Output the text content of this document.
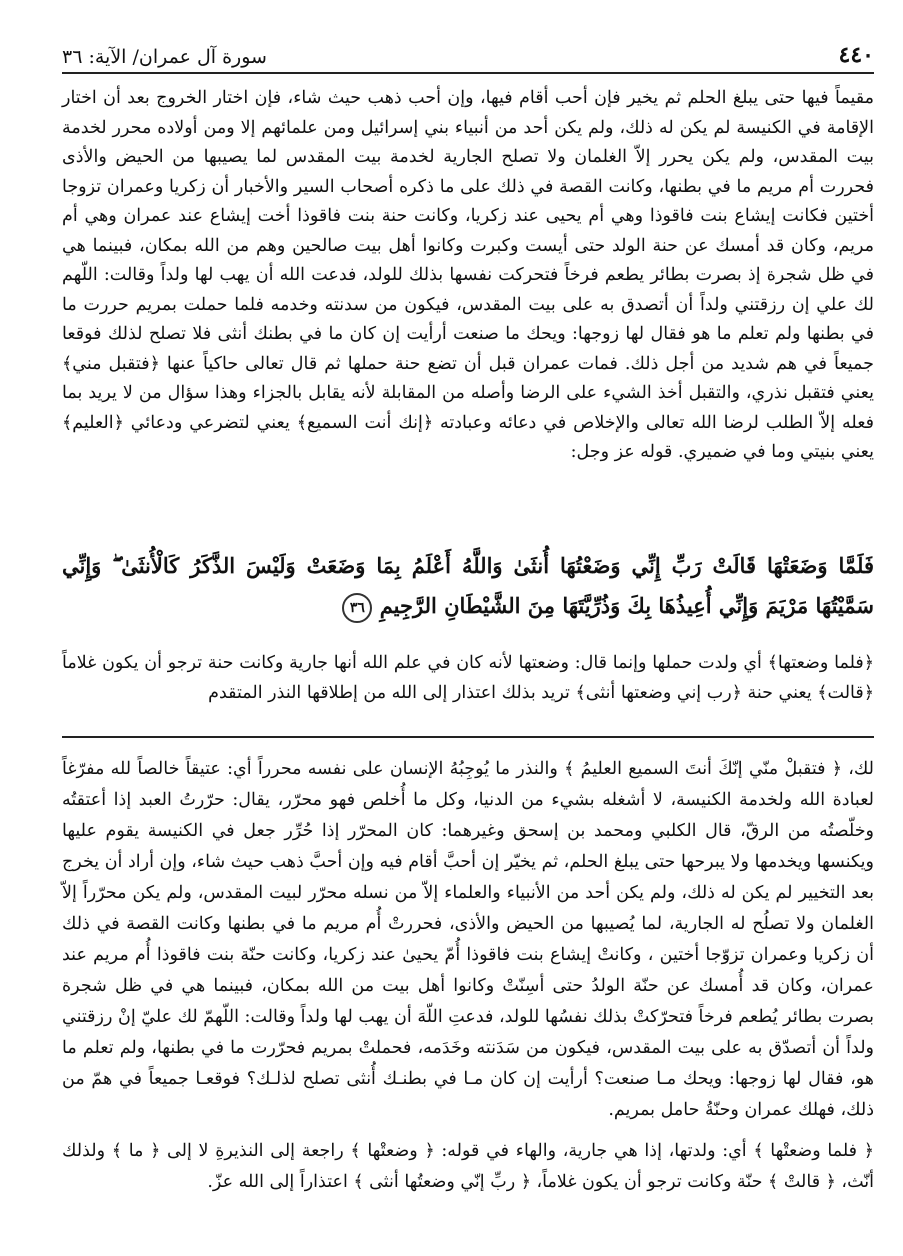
٤٤٠
سورة آل عمران/ الآية: ٣٦

مقيماً فيها حتى يبلغ الحلم ثم يخير فإن أحب أقام فيها، وإن أحب ذهب حيث شاء، فإن اختار الخروج بعد أن اختار الإقامة في الكنيسة لم يكن له ذلك، ولم يكن أحد من أنبياء بني إسرائيل ومن علمائهم إلا ومن أولاده محرر لخدمة بيت المقدس، ولم يكن يحرر إلاّ الغلمان ولا تصلح الجارية لخدمة بيت المقدس لما يصيبها من الحيض والأذى فحررت أم مريم ما في بطنها، وكانت القصة في ذلك على ما ذكره أصحاب السير والأخبار أن زكريا وعمران تزوجا أختين فكانت إيشاع بنت فاقوذا وهي أم يحيى عند زكريا، وكانت حنة بنت فاقوذا أخت إيشاع عند عمران وهي أم مريم، وكان قد أمسك عن حنة الولد حتى أيست وكبرت وكانوا أهل بيت صالحين وهم من الله بمكان، فبينما هي في ظل شجرة إذ بصرت بطائر يطعم فرخاً فتحركت نفسها بذلك للولد، فدعت الله أن يهب لها ولداً وقالت: اللّهم لك علي إن رزقتني ولداً أن أتصدق به على بيت المقدس، فيكون من سدنته وخدمه فلما حملت بمريم حررت ما في بطنها ولم تعلم ما هو فقال لها زوجها: ويحك ما صنعت أرأيت إن كان ما في بطنك أنثى فلا تصلح لذلك فوقعا جميعاً في هم شديد من أجل ذلك. فمات عمران قبل أن تضع حنة حملها ثم قال تعالى حاكياً عنها ﴿فتقبل مني﴾ يعني فتقبل نذري، والتقبل أخذ الشيء على الرضا وأصله من المقابلة لأنه يقابل بالجزاء وهذا سؤال من لا يريد بما فعله إلاّ الطلب لرضا الله تعالى والإخلاص في دعائه وعبادته ﴿إنك أنت السميع﴾ يعني لتضرعي ودعائي ﴿العليم﴾ يعني بنيتي وما في ضميري. قوله عز وجل:

فَلَمَّا وَضَعَتْهَا قَالَتْ رَبِّ إِنِّي وَضَعْتُهَا أُنثَىٰ وَاللَّهُ أَعْلَمُ بِمَا وَضَعَتْ وَلَيْسَ الذَّكَرُ كَالْأُنثَىٰ ۖ وَإِنِّي سَمَّيْتُهَا مَرْيَمَ وَإِنِّي أُعِيذُهَا بِكَ وَذُرِّيَّتَهَا مِنَ الشَّيْطَانِ الرَّجِيمِ ٣٦

﴿فلما وضعتها﴾ أي ولدت حملها وإنما قال: وضعتها لأنه كان في علم الله أنها جارية وكانت حنة ترجو أن يكون غلاماً ﴿قالت﴾ يعني حنة ﴿رب إني وضعتها أنثى﴾ تريد بذلك اعتذار إلى الله من إطلاقها النذر المتقدم

لك، ﴿ فتقبلْ منّي إنّكَ أنتَ السميع العليمُ ﴾ والنذر ما يُوجِبُهُ الإنسان على نفسه محرراً أي: عتيقاً خالصاً لله مفرّغاً لعبادة الله ولخدمة الكنيسة، لا أشغله بشيء من الدنيا، وكل ما أُخلص فهو محرّر، يقال: حرّرتُ العبد إذا أعتقتُه وخلّصتُه من الرقّ، قال الكلبي ومحمد بن إسحق وغيرهما: كان المحرّر إذا حُرِّر جعل في الكنيسة يقوم عليها ويكنسها ويخدمها ولا يبرحها حتى يبلغ الحلم، ثم يخيّر إن أحبَّ أقام فيه وإن أحبَّ ذهب حيث شاء، وإن أراد أن يخرج بعد التخيير لم يكن له ذلك، ولم يكن أحد من الأنبياء والعلماء إلاّ من نسله محرّر لبيت المقدس، ولم يكن محرّراً إلاّ الغلمان ولا تصلُح له الجارية، لما يُصيبها من الحيض والأذى، فحررتْ أُم مريم ما في بطنها وكانت القصة في ذلك أن زكريا وعمران تزوّجا أختين ، وكانتْ إيشاع بنت فاقوذا أُمّ يحيىٰ عند زكريا، وكانت حنّة بنت فاقوذا أُم مريم عند عمران، وكان قد أُمسك عن حنّة الولدُ حتى أسِنّتْ وكانوا أهل بيت من الله بمكان، فبينما هي في ظل شجرة بصرت بطائر يُطعم فرخاً فتحرّكتْ بذلك نفسُها للولد، فدعتِ اللّهَ أن يهب لها ولداً وقالت: اللّهمّ لك عليّ إنْ رزقتني ولداً أن أتصدّق به على بيت المقدس، فيكون من سَدَنته وخَدَمه، فحملتْ بمريم فحرّرت ما في بطنها، ولم تعلم ما هو، فقال لها زوجها: ويحك مـا صنعت؟ أرأيت إن كان مـا في بطنـك أُنثى تصلح لذلـك؟ فوقعـا جميعاً في همّ من ذلك، فهلك عمران وحنّةُ حامل بمريم.

﴿ فلما وضعتْها ﴾ أي: ولدتها، إذا هي جارية، والهاء في قوله: ﴿ وضعتْها ﴾ راجعة إلى النذيرةِ لا إلى ﴿ ما ﴾ ولذلك أنّث، ﴿ قالتْ ﴾ حنّة وكانت ترجو أن يكون غلاماً، ﴿ ربِّ إنّي وضعتُها أنثى ﴾ اعتذاراً إلى الله عزّ.
